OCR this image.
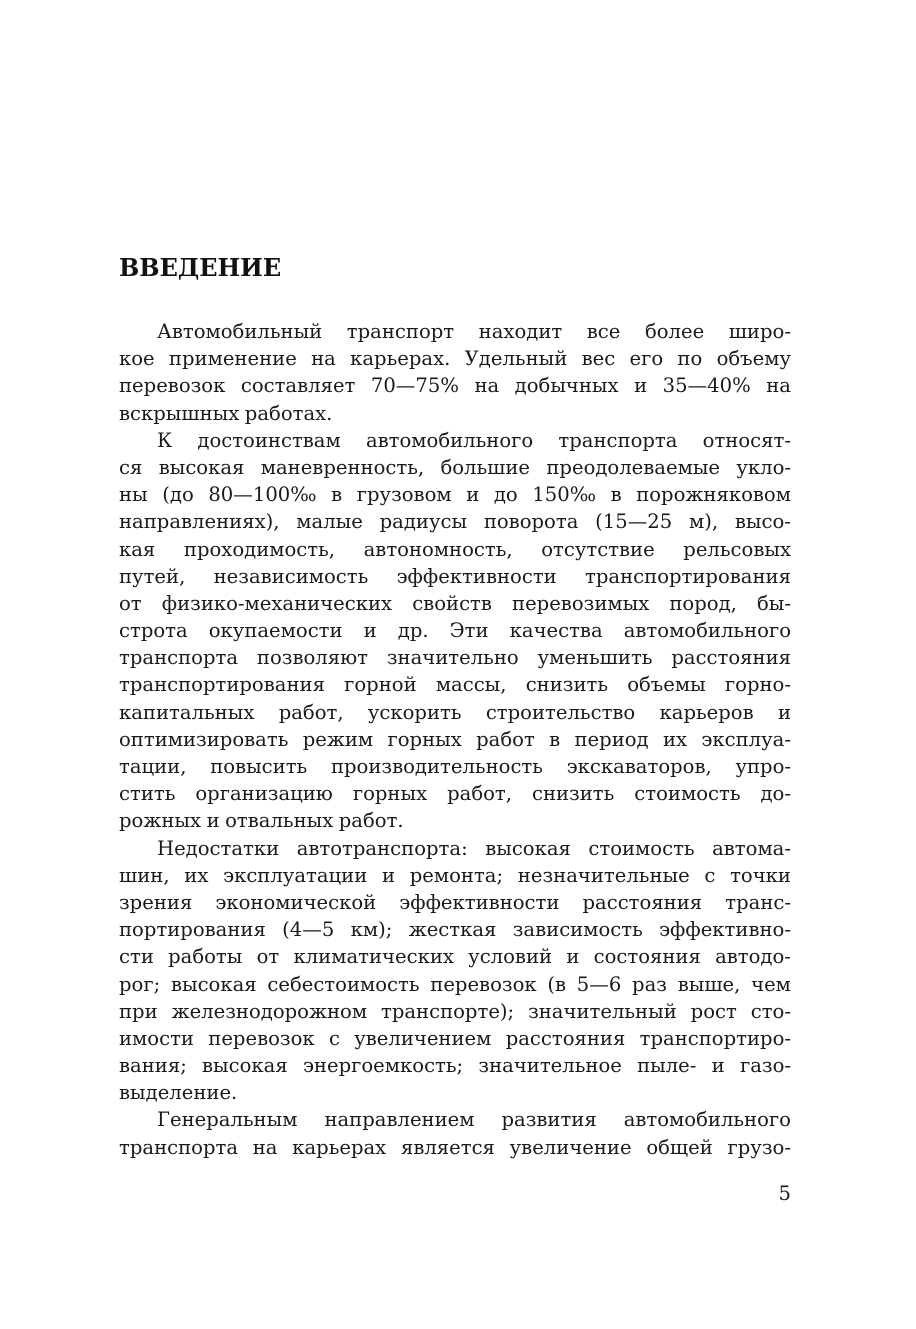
ВВЕДЕНИЕ
Автомобильный транспорт находит все более широ-
кое применение на карьерах. Удельный вес его по объему
перевозок составляет 70—75% на добычных и 35—40% на
вскрышных работах.
К достоинствам автомобильного транспорта относят-
ся высокая маневренность, большие преодолеваемые укло-
ны (до 80—100‰ в грузовом и до 150‰ в порожняковом
направлениях), малые радиусы поворота (15—25 м), высо-
кая проходимость, автономность, отсутствие рельсовых
путей, независимость эффективности транспортирования
от физико-механических свойств перевозимых пород, бы-
строта окупаемости и др. Эти качества автомобильного
транспорта позволяют значительно уменьшить расстояния
транспортирования горной массы, снизить объемы горно-
капитальных работ, ускорить строительство карьеров и
оптимизировать режим горных работ в период их эксплуа-
тации, повысить производительность экскаваторов, упро-
стить организацию горных работ, снизить стоимость до-
рожных и отвальных работ.
Недостатки автотранспорта: высокая стоимость автома-
шин, их эксплуатации и ремонта; незначительные с точки
зрения экономической эффективности расстояния транс-
портирования (4—5 км); жесткая зависимость эффективно-
сти работы от климатических условий и состояния автодо-
рог; высокая себестоимость перевозок (в 5—6 раз выше, чем
при железнодорожном транспорте); значительный рост сто-
имости перевозок с увеличением расстояния транспортиро-
вания; высокая энергоемкость; значительное пыле- и газо-
выделение.
Генеральным направлением развития автомобильного
транспорта на карьерах является увеличение общей грузо-
5
